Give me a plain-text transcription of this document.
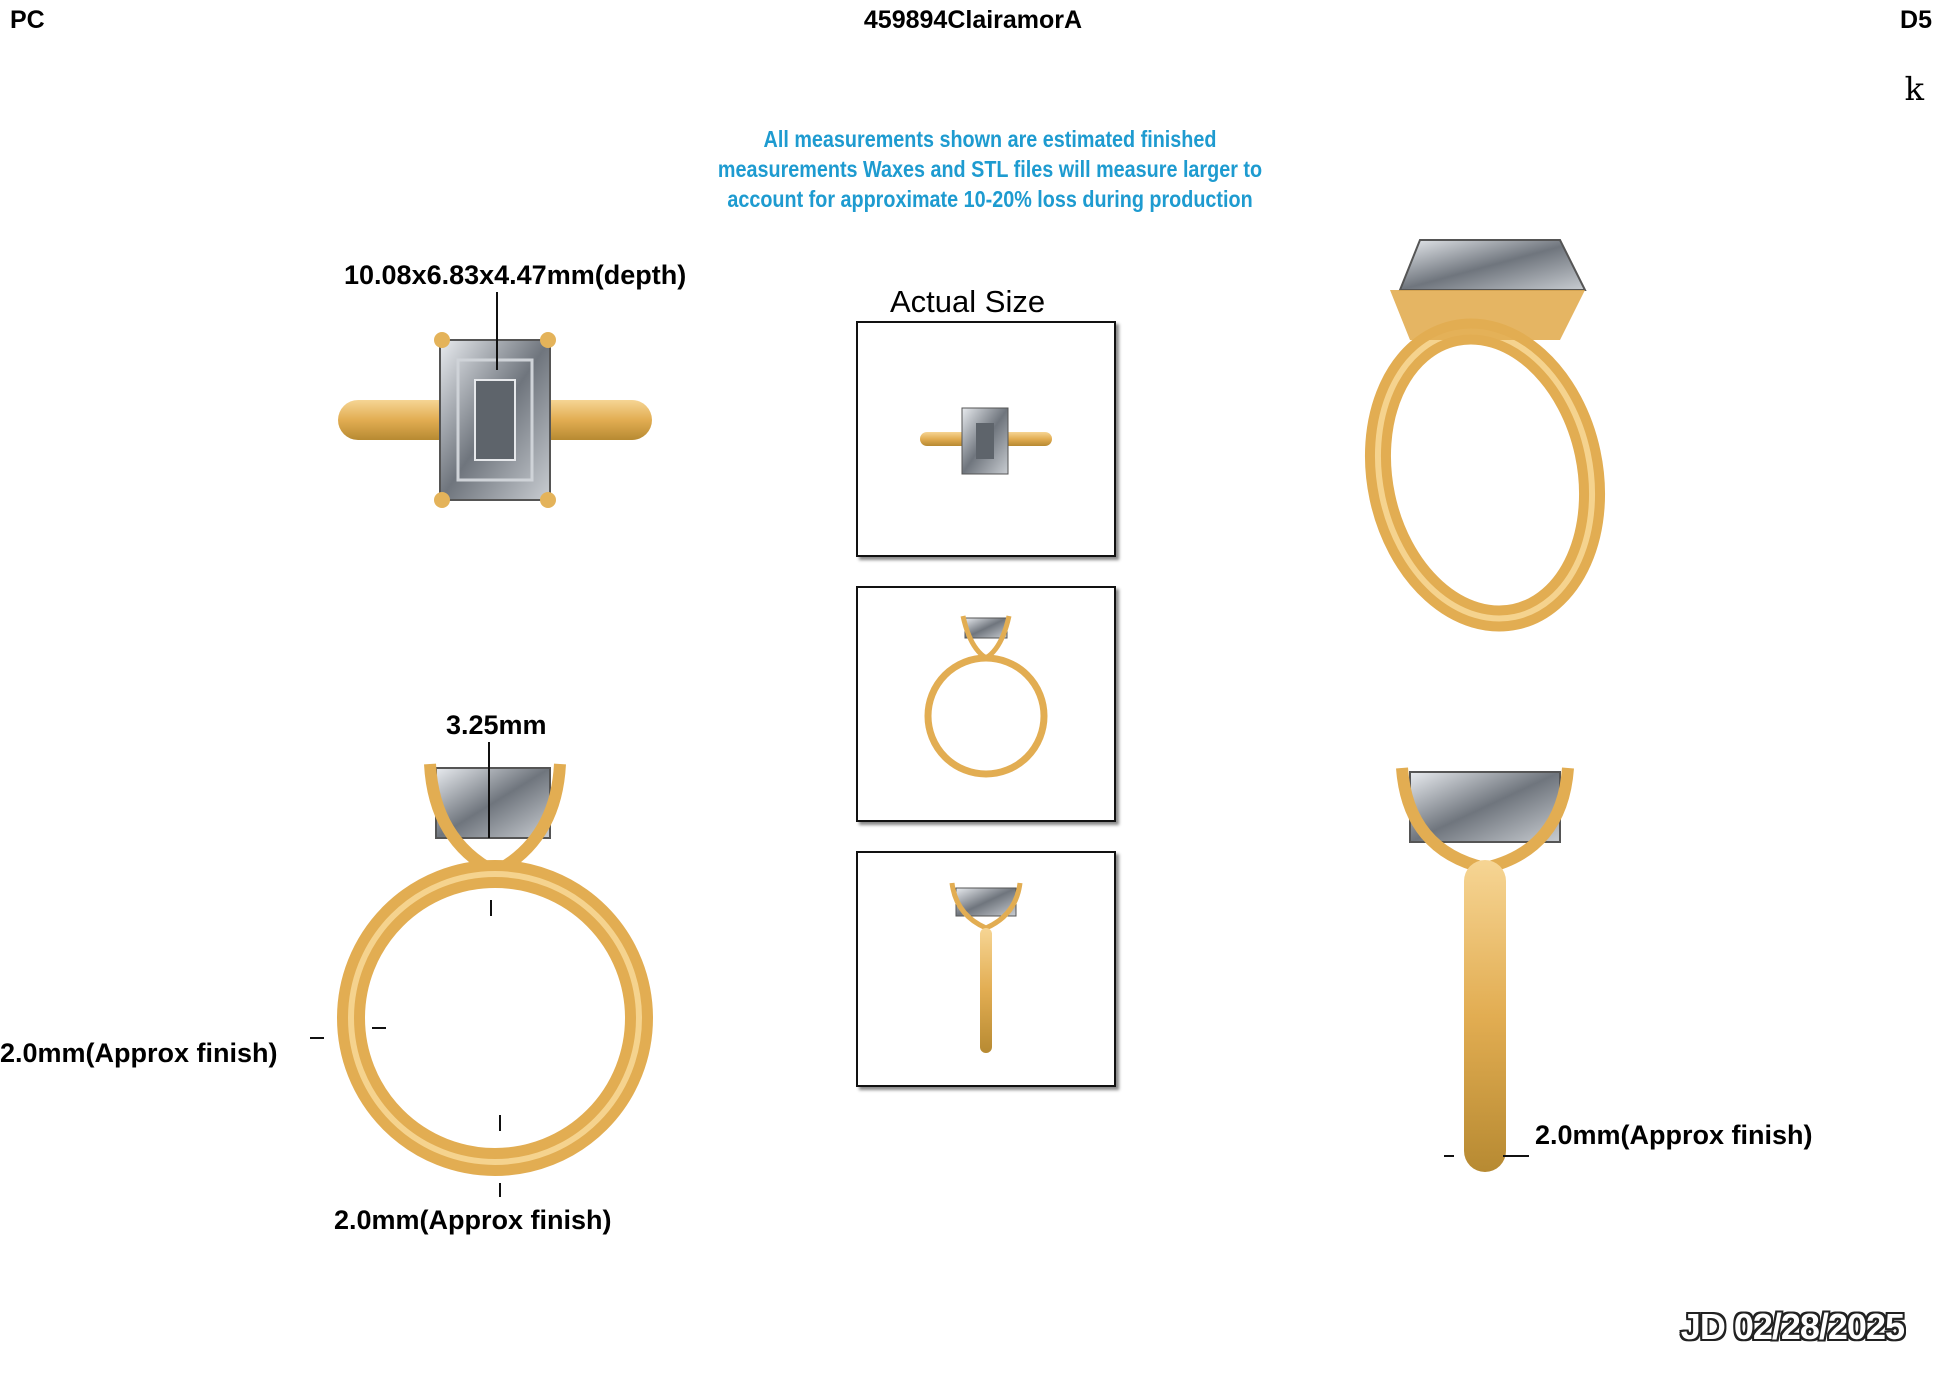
PC	459894ClairamorA	D5
k
All measurements shown are estimated finished
measurements Waxes and STL files will measure larger to
account for approximate 10-20% loss during production
10.08x6.83x4.47mm(depth)
Actual Size
3.25mm
2.0mm(Approx finish)
2.0mm(Approx finish)
2.0mm(Approx finish)
JD 02/28/2025
